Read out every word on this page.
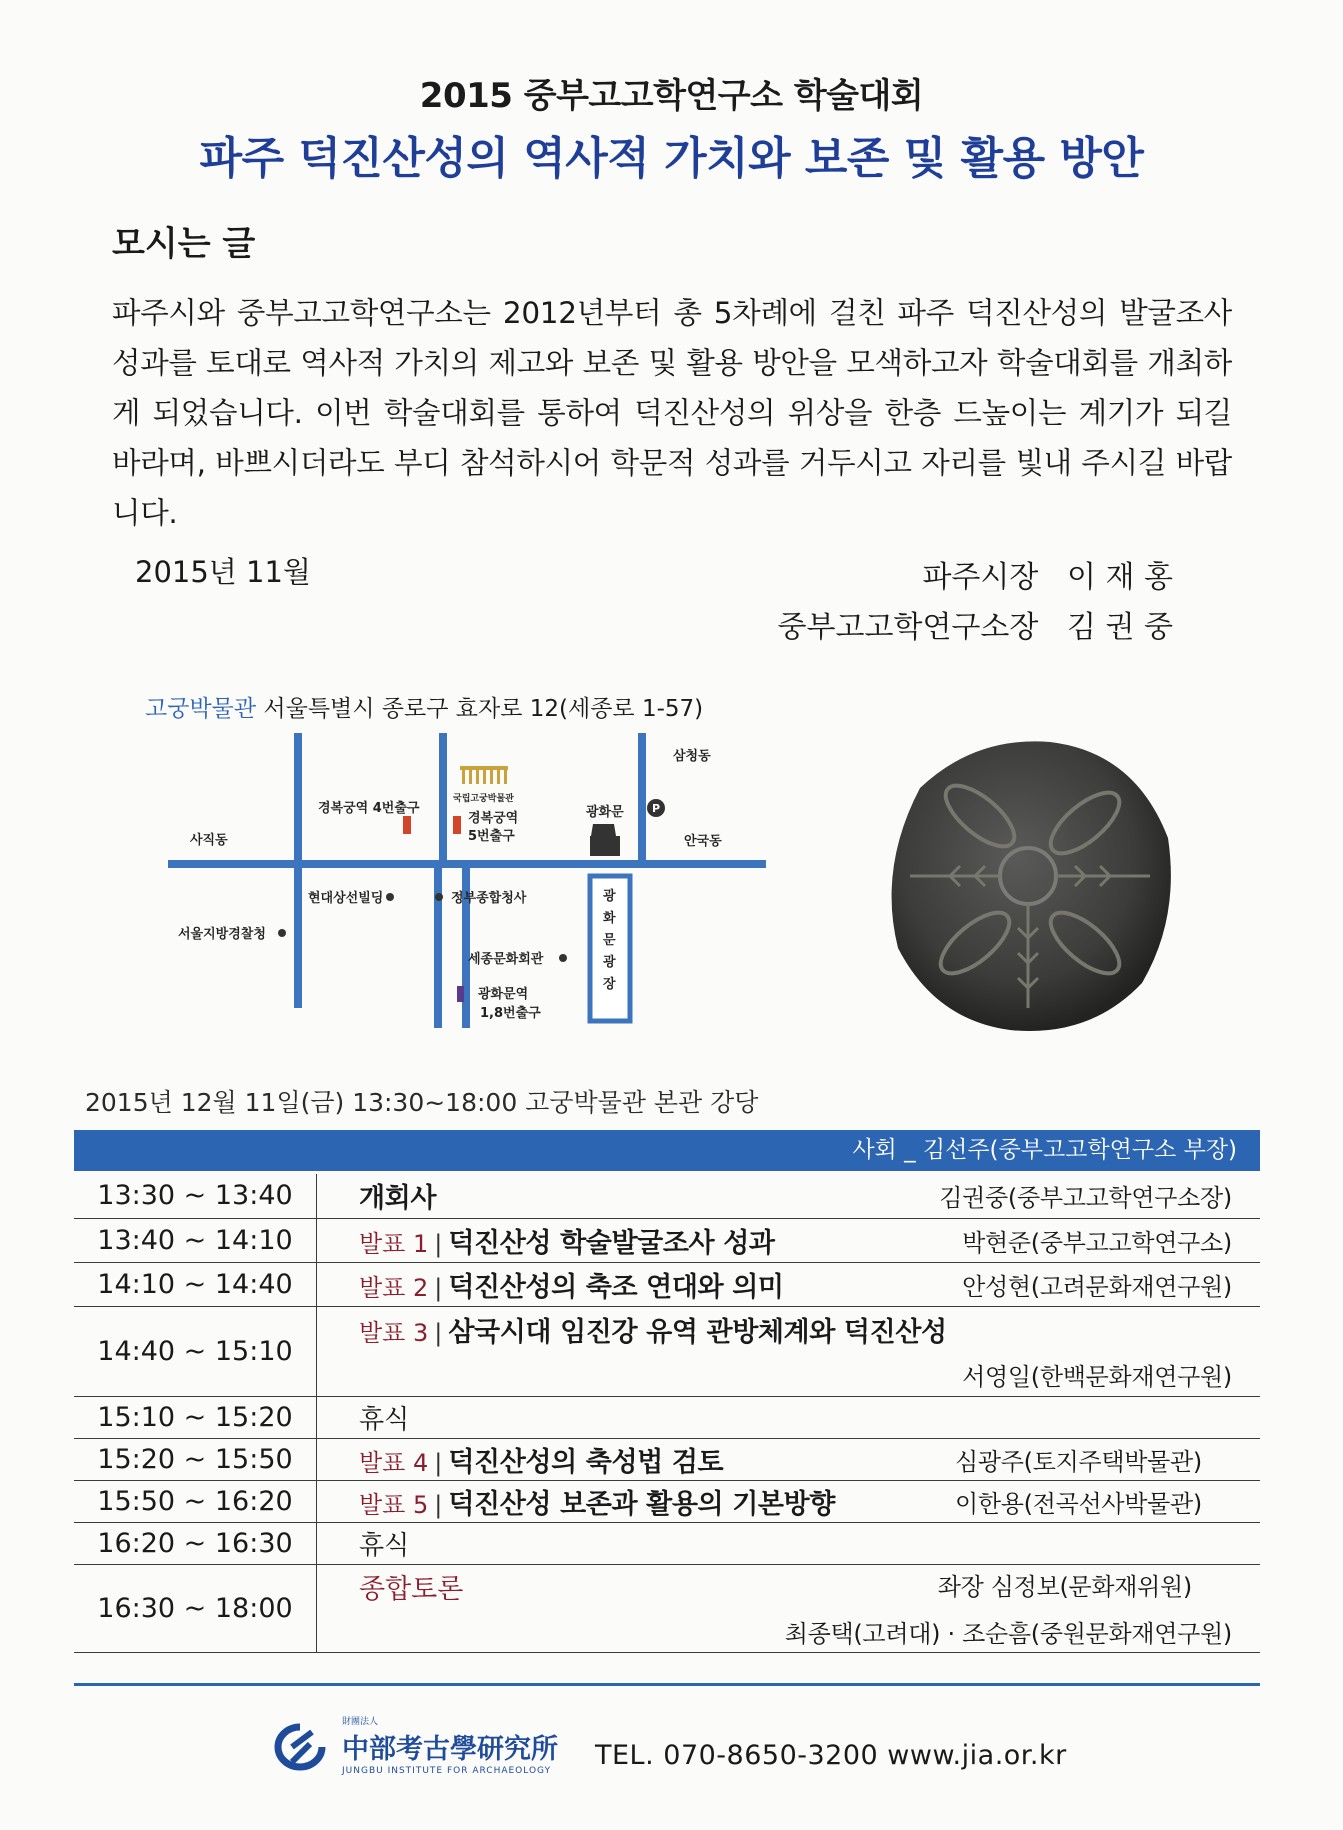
2015 중부고고학연구소 학술대회
파주 덕진산성의 역사적 가치와 보존 및 활용 방안
모시는 글
파주시와 중부고고학연구소는 2012년부터 총 5차례에 걸친 파주 덕진산성의 발굴조사 성과를 토대로 역사적 가치의 제고와 보존 및 활용 방안을 모색하고자 학술대회를 개최하게 되었습니다. 이번 학술대회를 통하여 덕진산성의 위상을 한층 드높이는 계기가 되길 바라며, 바쁘시더라도 부디 참석하시어 학문적 성과를 거두시고 자리를 빛내 주시길 바랍니다.
2015년 11월	파주시장 이 재 홍
중부고고학연구소장 김 권 중
고궁박물관 서울특별시 종로구 효자로 12(세종로 1-57)
P
삼청동
국립고궁박물관
경복궁역 4번출구
경복궁역
5번출구
광화문
사직동	안국동
현대상선빌딩	정부종합청사
서울지방경찰청
세종문화회관
광화문역
1,8번출구
광
화
문
광
장
2015년 12월 11일(금) 13:30~18:00 고궁박물관 본관 강당
사회 _ 김선주(중부고고학연구소 부장)
13:30 ~ 13:40	개회사 김권중(중부고고학연구소장)

13:40 ~ 14:10	발표 1 | 덕진산성 학술발굴조사 성과 박현준(중부고고학연구소)

14:10 ~ 14:40	발표 2 | 덕진산성의 축조 연대와 의미 안성현(고려문화재연구원)

14:40 ~ 15:10	발표 3 | 삼국시대 임진강 유역 관방체계와 덕진산성
서영일(한백문화재연구원)

15:10 ~ 15:20	휴식
15:20 ~ 15:50	발표 4 | 덕진산성의 축성법 검토 심광주(토지주택박물관)

15:50 ~ 16:20	발표 5 | 덕진산성 보존과 활용의 기본방향 이한용(전곡선사박물관)

16:20 ~ 16:30	휴식
16:30 ~ 18:00	종합토론 좌장 심정보(문화재위원)
최종택(고려대) · 조순흠(중원문화재연구원)
財團法人
中部考古學研究所
JUNGBU INSTITUTE FOR ARCHAEOLOGY TEL. 070-8650-3200 www.jia.or.kr
